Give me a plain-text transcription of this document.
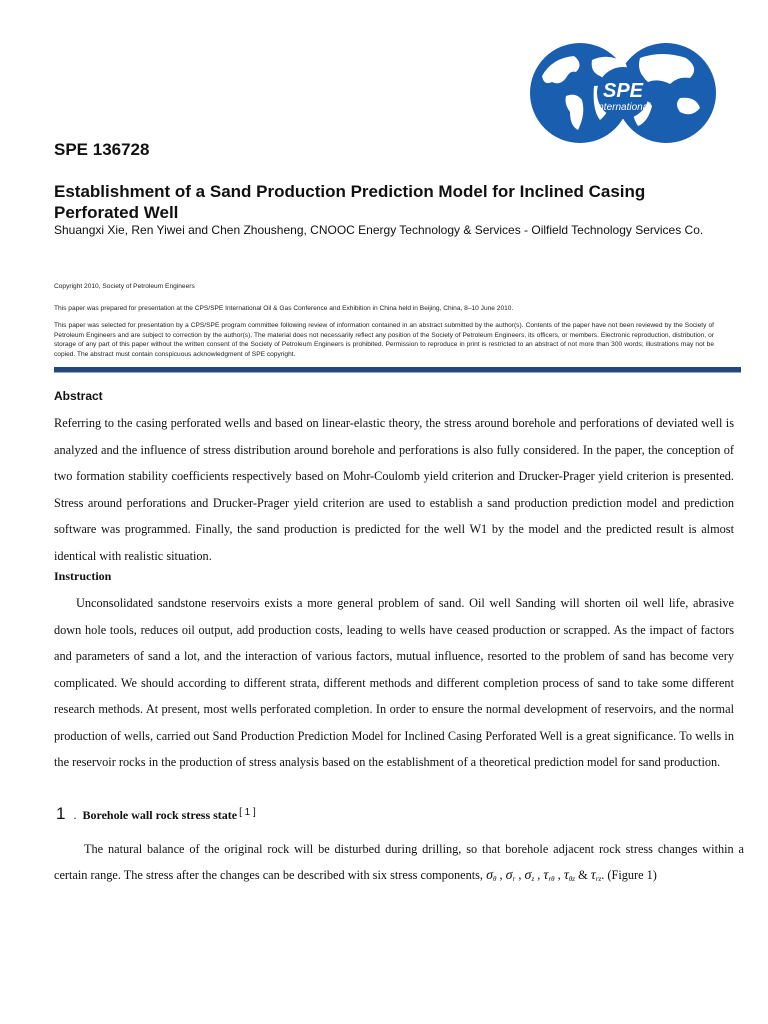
SPE
International
SPE 136728
Establishment of a Sand Production Prediction Model for Inclined Casing Perforated Well
Shuangxi Xie, Ren Yiwei and Chen Zhousheng, CNOOC Energy Technology & Services - Oilfield Technology Services Co.
Copyright 2010, Society of Petroleum Engineers
This paper was prepared for presentation at the CPS/SPE International Oil & Gas Conference and Exhibition in China held in Beijing, China, 8–10 June 2010.
This paper was selected for presentation by a CPS/SPE program committee following review of information contained in an abstract submitted by the author(s). Contents of the paper have not been reviewed by the Society of Petroleum Engineers and are subject to correction by the author(s). The material does not necessarily reflect any position of the Society of Petroleum Engineers, its officers, or members. Electronic reproduction, distribution, or storage of any part of this paper without the written consent of the Society of Petroleum Engineers is prohibited. Permission to reproduce in print is restricted to an abstract of not more than 300 words; illustrations may not be copied. The abstract must contain conspicuous acknowledgment of SPE copyright.
Abstract
Referring to the casing perforated wells and based on linear-elastic theory, the stress around borehole and perforations of deviated well is analyzed and the influence of stress distribution around borehole and perforations is also fully considered. In the paper, the conception of two formation stability coefficients respectively based on Mohr-Coulomb yield criterion and Drucker-Prager yield criterion is presented. Stress around perforations and Drucker-Prager yield criterion are used to establish a sand production prediction model and prediction software was programmed. Finally, the sand production is predicted for the well W1 by the model and the predicted result is almost identical with realistic situation.
Instruction
Unconsolidated sandstone reservoirs exists a more general problem of sand. Oil well Sanding will shorten oil well life, abrasive down hole tools, reduces oil output, add production costs, leading to wells have ceased production or scrapped. As the impact of factors and parameters of sand a lot, and the interaction of various factors, mutual influence, resorted to the problem of sand has become very complicated. We should according to different strata, different methods and different completion process of sand to take some different research methods. At present, most wells perforated completion. In order to ensure the normal development of reservoirs, and the normal production of wells, carried out Sand Production Prediction Model for Inclined Casing Perforated Well is a great significance. To wells in the reservoir rocks in the production of stress analysis based on the establishment of a theoretical prediction model for sand production.
1 . Borehole wall rock stress state [ 1 ]
The natural balance of the original rock will be disturbed during drilling, so that borehole adjacent rock stress changes within a certain range. The stress after the changes can be described with six stress components, $\sigma_\theta$ , $\sigma_r$ , $\sigma_z$ , $\tau_{r\theta}$ , $\tau_{\theta z}$ & $\tau_{rz}$. (Figure 1)
